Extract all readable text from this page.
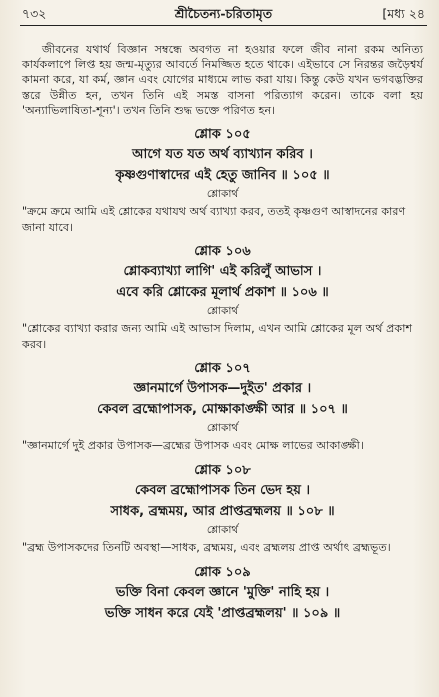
৭৩২	শ্রীচৈতন্য-চরিতামৃত	[মধ্য ২৪

জীবনের যথার্থ বিজ্ঞান সম্বন্ধে অবগত না হওয়ার ফলে জীব নানা রকম অনিত্য কার্যকলাপে লিপ্ত হয় জন্ম-মৃত্যুর আবর্তে নিমজ্জিত হতে থাকে। এইভাবে সে নিরন্তর জড়ৈশ্বর্য কামনা করে, যা কর্ম, জ্ঞান এবং যোগের মাধ্যমে লাভ করা যায়। কিন্তু কেউ যখন ভগবদ্ভক্তির স্তরে উন্নীত হন, তখন তিনি এই সমস্ত বাসনা পরিত্যাগ করেন। তাকে বলা হয় 'অন্যাভিলাষিতা-শূন্য'। তখন তিনি শুদ্ধ ভক্তে পরিণত হন।

শ্লোক ১০৫
আগে যত যত অর্থ ব্যাখ্যান করিব ।
কৃষ্ণগুণাস্বাদের এই হেতু জানিব ॥ ১০৫ ॥
শ্লোকার্থ

"ক্রমে ক্রমে আমি এই শ্লোকের যথাযথ অর্থ ব্যাখ্যা করব, ততই কৃষ্ণগুণ আস্বাদনের কারণ জানা যাবে।

শ্লোক ১০৬
শ্লোকব্যাখ্যা লাগি' এই করিলুঁ আভাস ।
এবে করি শ্লোকের মূলার্থ প্রকাশ ॥ ১০৬ ॥
শ্লোকার্থ

"শ্লোকের ব্যাখ্যা করার জন্য আমি এই আভাস দিলাম, এখন আমি শ্লোকের মূল অর্থ প্রকাশ করব।

শ্লোক ১০৭
জ্ঞানমার্গে উপাসক—দুইত' প্রকার ।
কেবল ব্রহ্মোপাসক, মোক্ষাকাঙ্ক্ষী আর ॥ ১০৭ ॥
শ্লোকার্থ

"জ্ঞানমার্গে দুই প্রকার উপাসক—ব্রহ্মের উপাসক এবং মোক্ষ লাভের আকাঙ্ক্ষী।

শ্লোক ১০৮
কেবল ব্রহ্মোপাসক তিন ভেদ হয় ।
সাধক, ব্রহ্মময়, আর প্রাপ্তব্রহ্মলয় ॥ ১০৮ ॥
শ্লোকার্থ

"ব্রহ্ম উপাসকদের তিনটি অবস্থা—সাধক, ব্রহ্মময়, এবং ব্রহ্মলয় প্রাপ্ত অর্থাৎ ব্রহ্মভূত।

শ্লোক ১০৯
ভক্তি বিনা কেবল জ্ঞানে 'মুক্তি' নাহি হয় ।
ভক্তি সাধন করে যেই 'প্রাপ্তব্রহ্মলয়' ॥ ১০৯ ॥
